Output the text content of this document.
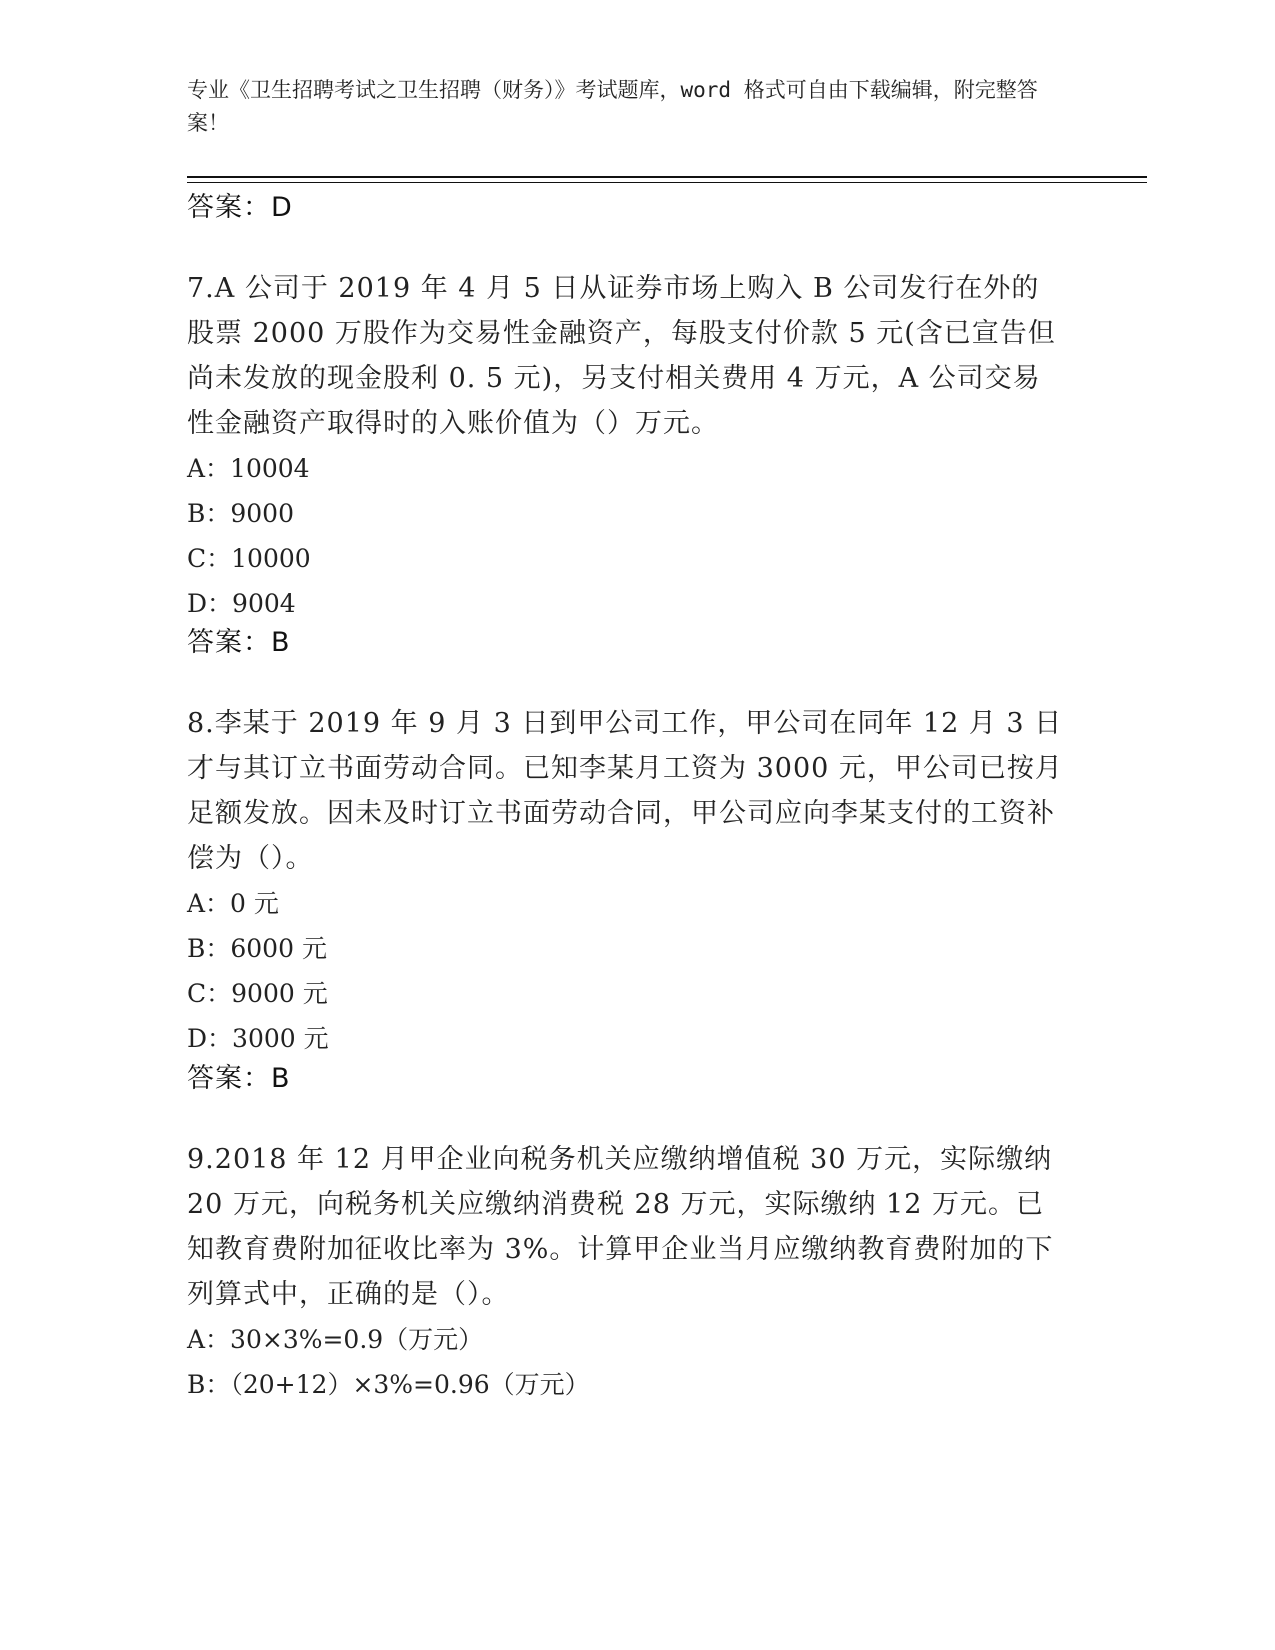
专业《卫生招聘考试之卫生招聘（财务）》考试题库，word 格式可自由下载编辑，附完整答案！
答案：D
7.A 公司于 2019 年 4 月 5 日从证券市场上购入 B 公司发行在外的股票 2000 万股作为交易性金融资产，每股支付价款 5 元(含已宣告但尚未发放的现金股利 0. 5 元)，另支付相关费用 4 万元，A 公司交易性金融资产取得时的入账价值为（）万元。
A：10004
B：9000
C：10000
D：9004
答案：B
8.李某于 2019 年 9 月 3 日到甲公司工作，甲公司在同年 12 月 3 日才与其订立书面劳动合同。已知李某月工资为 3000 元，甲公司已按月足额发放。因未及时订立书面劳动合同，甲公司应向李某支付的工资补偿为（）。
A：0 元
B：6000 元
C：9000 元
D：3000 元
答案：B
9.2018 年 12 月甲企业向税务机关应缴纳增值税 30 万元，实际缴纳 20 万元，向税务机关应缴纳消费税 28 万元，实际缴纳 12 万元。已知教育费附加征收比率为 3%。计算甲企业当月应缴纳教育费附加的下列算式中，正确的是（）。
A：30×3%=0.9（万元）
B：（20+12）×3%=0.96（万元）
